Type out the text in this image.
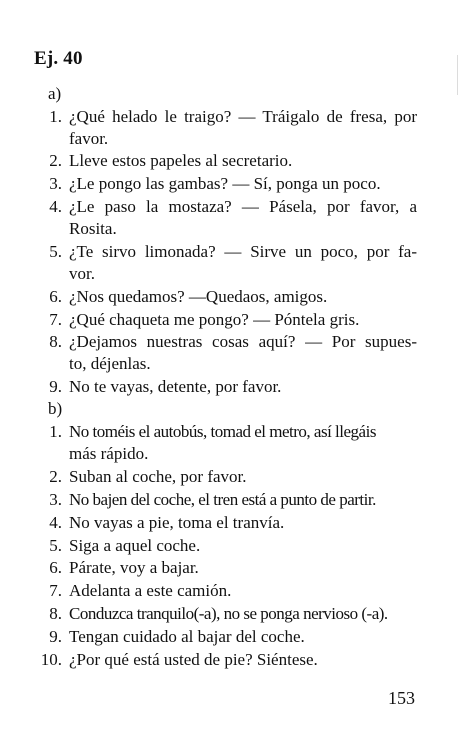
Ej. 40
a)
1. ¿Qué helado le traigo? — Tráigalo de fresa, por
favor.
2. Lleve estos papeles al secretario.
3. ¿Le pongo las gambas? — Sí, ponga un poco.
4. ¿Le paso la mostaza? — Pásela, por favor, a
Rosita.
5. ¿Te sirvo limonada? — Sirve un poco, por fa-
vor.
6. ¿Nos quedamos? —Quedaos, amigos.
7. ¿Qué chaqueta me pongo? — Póntela gris.
8. ¿Dejamos nuestras cosas aquí? — Por supues-
to, déjenlas.
9. No te vayas, detente, por favor.
b)
1. No toméis el autobús, tomad el metro, así llegáis
más rápido.
2. Suban al coche, por favor.
3. No bajen del coche, el tren está a punto de partir.
4. No vayas a pie, toma el tranvía.
5. Siga a aquel coche.
6. Párate, voy a bajar.
7. Adelanta a este camión.
8. Conduzca tranquilo(-a), no se ponga nervioso (-a).
9. Tengan cuidado al bajar del coche.
10. ¿Por qué está usted de pie? Siéntese.
153
